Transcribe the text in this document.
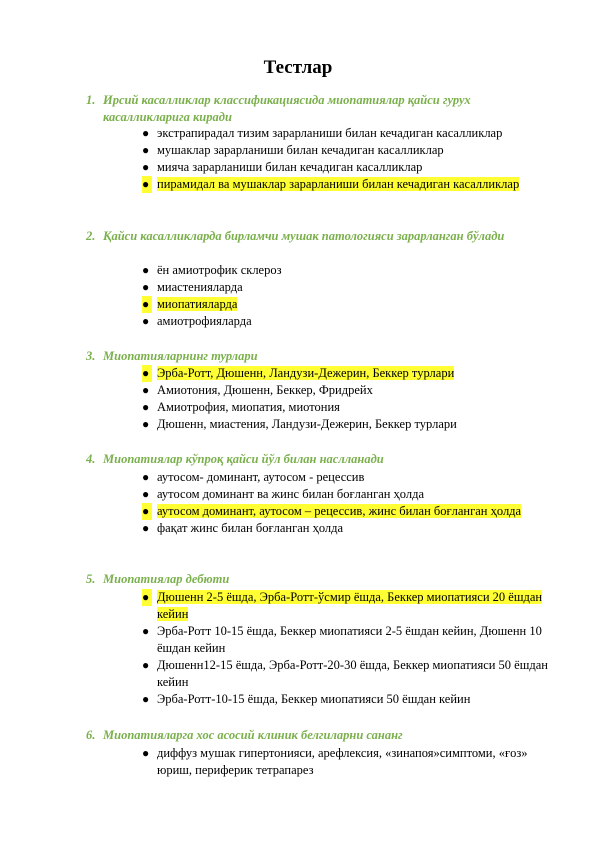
Тестлар
1. Ирсий касалликлар классификациясида миопатиялар қайси гурух касалликларига киради
● экстрапирадал тизим зарарланиши билан кечадиган касалликлар
● мушаклар зарарланиши билан кечадиган касалликлар
● мияча зарарланиши билан кечадиган касалликлар
● пирамидал ва мушаклар зарарланиши билан кечадиган касалликлар
2. Қайси касалликларда бирламчи мушак патологияси зарарланган бўлади
● ён амиотрофик склероз
● миастенияларда
● миопатияларда
● амиотрофияларда
3. Миопатияларнинг турлари
● Эрба-Ротт, Дюшенн, Ландузи-Дежерин, Беккер турлари
● Амиотония, Дюшенн, Беккер, Фридрейх
● Амиотрофия, миопатия, миотония
● Дюшенн, миастения, Ландузи-Дежерин, Беккер турлари
4. Миопатиялар кўпроқ қайси йўл билан наслланади
● аутосом- доминант, аутосом - рецессив
● аутосом доминант ва жинс билан боғланган ҳолда
● аутосом доминант, аутосом – рецессив, жинс билан боғланган ҳолда
● фақат жинс билан боғланган ҳолда
5. Миопатиялар дебюти
● Дюшенн 2-5 ёшда, Эрба-Ротт-ўсмир ёшда, Беккер миопатияси 20 ёшдан кейин
● Эрба-Ротт 10-15 ёшда, Беккер миопатияси 2-5 ёшдан кейин, Дюшенн 10 ёшдан кейин
● Дюшенн12-15 ёшда, Эрба-Ротт-20-30 ёшда, Беккер миопатияси 50 ёшдан кейин
● Эрба-Ротт-10-15 ёшда, Беккер миопатияси 50 ёшдан кейин
6. Миопатияларга хос асосий клиник белгиларни сананг
● диффуз мушак гипертонияси, арефлексия, «зинапоя»симптоми, «ғоз» юриш, периферик тетрапарез
